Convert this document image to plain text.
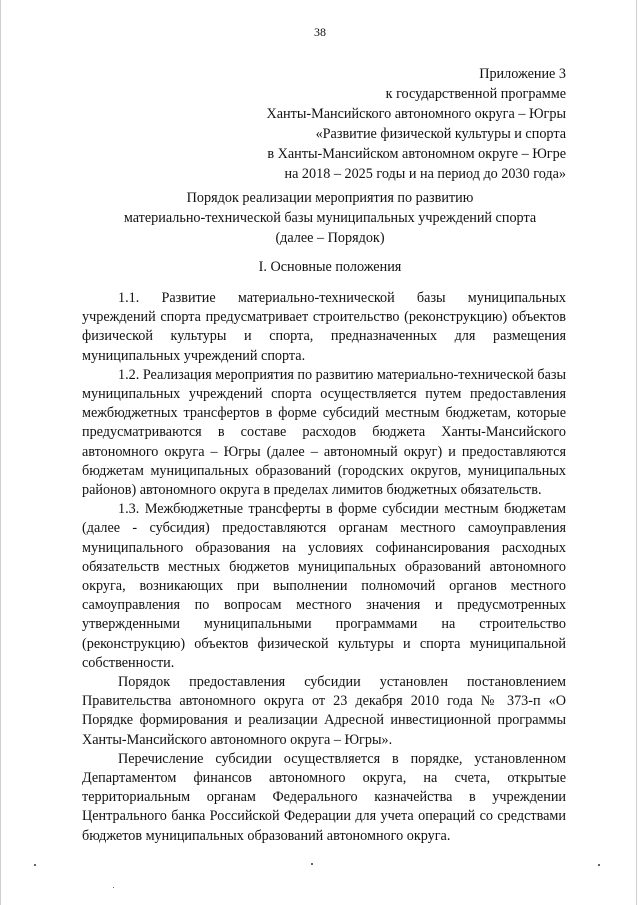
38
Приложение 3
к государственной программе
Ханты-Мансийского автономного округа – Югры
«Развитие физической культуры и спорта
в Ханты-Мансийском автономном округе – Югре
на 2018 – 2025 годы и на период до 2030 года»
Порядок реализации мероприятия по развитию
материально-технической базы муниципальных учреждений спорта
(далее – Порядок)
I. Основные положения

1.1. Развитие материально-технической базы муниципальных учреждений спорта предусматривает строительство (реконструкцию) объектов физической культуры и спорта, предназначенных для размещения муниципальных учреждений спорта.

1.2. Реализация мероприятия по развитию материально-технической базы муниципальных учреждений спорта осуществляется путем предоставления межбюджетных трансфертов в форме субсидий местным бюджетам, которые предусматриваются в составе расходов бюджета Ханты-Мансийского автономного округа – Югры (далее – автономный округ) и предоставляются бюджетам муниципальных образований (городских округов, муниципальных районов) автономного округа в пределах лимитов бюджетных обязательств.

1.3. Межбюджетные трансферты в форме субсидии местным бюджетам (далее - субсидия) предоставляются органам местного самоуправления муниципального образования на условиях софинансирования расходных обязательств местных бюджетов муниципальных образований автономного округа, возникающих при выполнении полномочий органов местного самоуправления по вопросам местного значения и предусмотренных утвержденными муниципальными программами на строительство (реконструкцию) объектов физической культуры и спорта муниципальной собственности.

Порядок предоставления субсидии установлен постановлением Правительства автономного округа от 23 декабря 2010 года № 373-п «О Порядке формирования и реализации Адресной инвестиционной программы Ханты-Мансийского автономного округа – Югры».

Перечисление субсидии осуществляется в порядке, установленном Департаментом финансов автономного округа, на счета, открытые территориальным органам Федерального казначейства в учреждении Центрального банка Российской Федерации для учета операций со средствами бюджетов муниципальных образований автономного округа.
